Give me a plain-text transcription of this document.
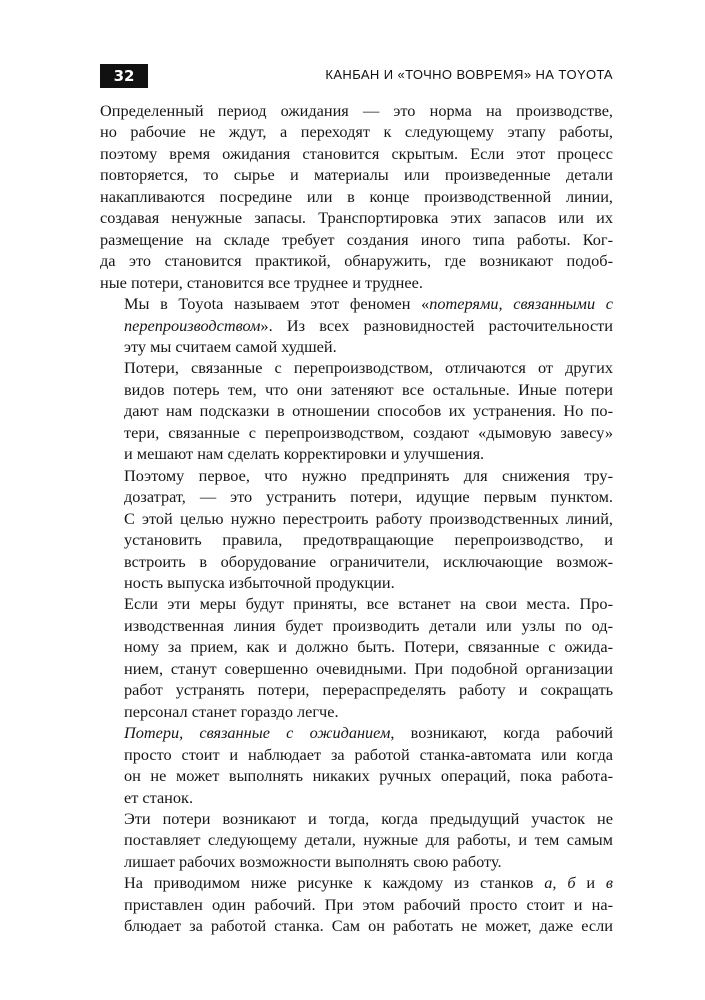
32	КАНБАН И «ТОЧНО ВОВРЕМЯ» НА TOYOTA

Определенный период ожидания — это норма на производстве,
но рабочие не ждут, а переходят к следующему этапу работы,
поэтому время ожидания становится скрытым. Если этот процесс
повторяется, то сырье и материалы или произведенные детали
накапливаются посредине или в конце производственной линии,
создавая ненужные запасы. Транспортировка этих запасов или их
размещение на складе требует создания иного типа работы. Ког-
да это становится практикой, обнаружить, где возникают подоб-
ные потери, становится все труднее и труднее.

Мы в Toyota называем этот феномен «потерями, связанными с
перепроизводством». Из всех разновидностей расточительности
эту мы считаем самой худшей.

Потери, связанные с перепроизводством, отличаются от других
видов потерь тем, что они затеняют все остальные. Иные потери
дают нам подсказки в отношении способов их устранения. Но по-
тери, связанные с перепроизводством, создают «дымовую завесу»
и мешают нам сделать корректировки и улучшения.

Поэтому первое, что нужно предпринять для снижения тру-
дозатрат, — это устранить потери, идущие первым пунктом.
С этой целью нужно перестроить работу производственных линий,
установить правила, предотвращающие перепроизводство, и
встроить в оборудование ограничители, исключающие возмож-
ность выпуска избыточной продукции.

Если эти меры будут приняты, все встанет на свои места. Про-
изводственная линия будет производить детали или узлы по од-
ному за прием, как и должно быть. Потери, связанные с ожида-
нием, станут совершенно очевидными. При подобной организации
работ устранять потери, перераспределять работу и сокращать
персонал станет гораздо легче.

Потери, связанные с ожиданием, возникают, когда рабочий
просто стоит и наблюдает за работой станка-автомата или когда
он не может выполнять никаких ручных операций, пока работа-
ет станок.

Эти потери возникают и тогда, когда предыдущий участок не
поставляет следующему детали, нужные для работы, и тем самым
лишает рабочих возможности выполнять свою работу.

На приводимом ниже рисунке к каждому из станков а, б и в
приставлен один рабочий. При этом рабочий просто стоит и на-
блюдает за работой станка. Сам он работать не может, даже если
